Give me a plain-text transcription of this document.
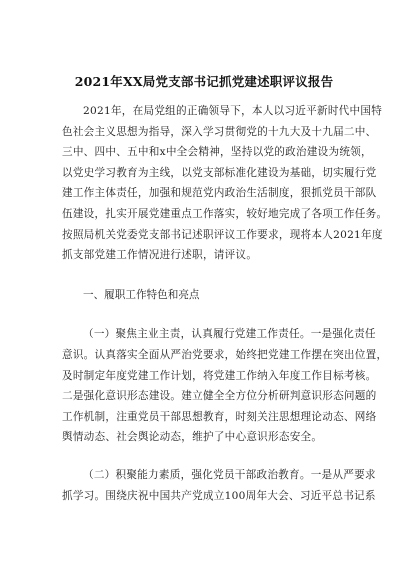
2021年XX局党支部书记抓党建述职评议报告
2021年，在局党组的正确领导下，本人以习近平新时代中国特
色社会主义思想为指导，深入学习贯彻党的十九大及十九届二中、
三中、四中、五中和x中全会精神，坚持以党的政治建设为统领，
以党史学习教育为主线，以党支部标准化建设为基础，切实履行党
建工作主体责任，加强和规范党内政治生活制度，狠抓党员干部队
伍建设，扎实开展党建重点工作落实，较好地完成了各项工作任务。
按照局机关党委党支部书记述职评议工作要求，现将本人2021年度
抓支部党建工作情况进行述职，请评议。
一、履职工作特色和亮点
（一）聚焦主业主责，认真履行党建工作责任。一是强化责任
意识。认真落实全面从严治党要求，始终把党建工作摆在突出位置，
及时制定年度党建工作计划，将党建工作纳入年度工作目标考核。
二是强化意识形态建设。建立健全全方位分析研判意识形态问题的
工作机制，注重党员干部思想教育，时刻关注思想理论动态、网络
舆情动态、社会舆论动态，维护了中心意识形态安全。
（二）积聚能力素质，强化党员干部政治教育。一是从严要求
抓学习。围绕庆祝中国共产党成立100周年大会、习近平总书记系
